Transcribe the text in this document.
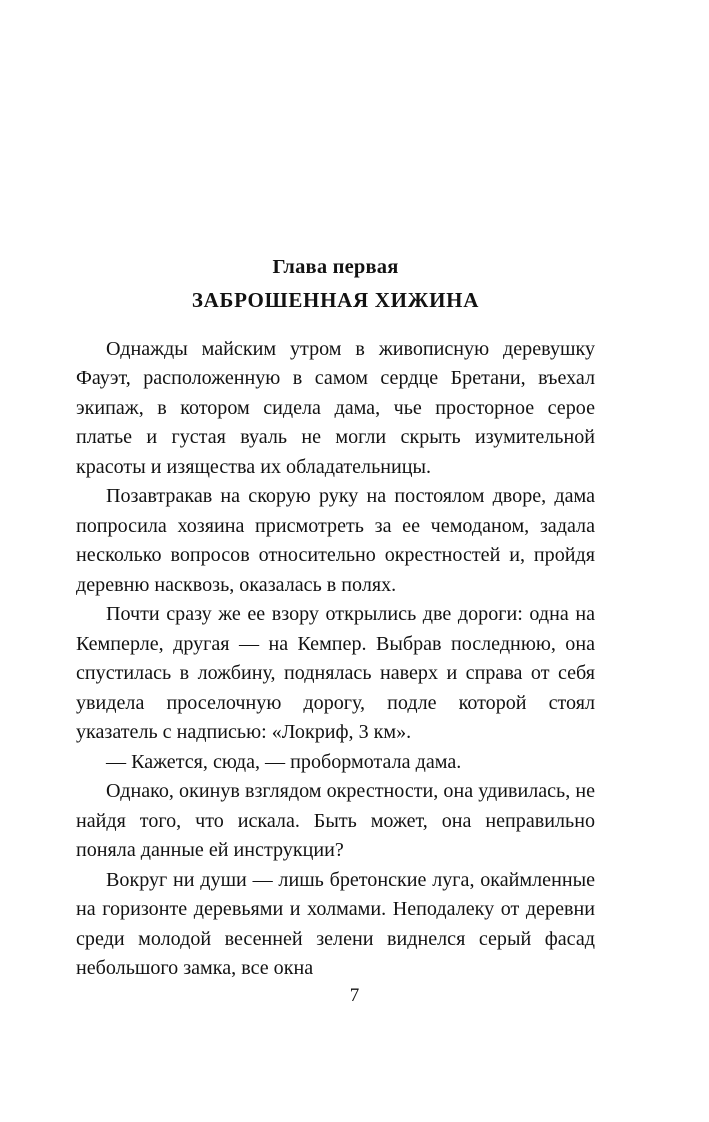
Глава первая
ЗАБРОШЕННАЯ ХИЖИНА

Однажды майским утром в живописную деревушку Фауэт, расположенную в самом сердце Бретани, въехал экипаж, в котором сидела дама, чье просторное серое платье и густая вуаль не могли скрыть изумительной красоты и изящества их обладательницы.

Позавтракав на скорую руку на постоялом дворе, дама попросила хозяина присмотреть за ее чемоданом, задала несколько вопросов относительно окрестностей и, пройдя деревню насквозь, оказалась в полях.

Почти сразу же ее взору открылись две дороги: одна на Кемперле, другая — на Кемпер. Выбрав последнюю, она спустилась в ложбину, поднялась наверх и справа от себя увидела проселочную дорогу, подле которой стоял указатель с надписью: «Локриф, 3 км».

— Кажется, сюда, — пробормотала дама.

Однако, окинув взглядом окрестности, она удивилась, не найдя того, что искала. Быть может, она неправильно поняла данные ей инструкции?

Вокруг ни души — лишь бретонские луга, окаймленные на горизонте деревьями и холмами. Неподалеку от деревни среди молодой весенней зелени виднелся серый фасад небольшого замка, все окна

7
